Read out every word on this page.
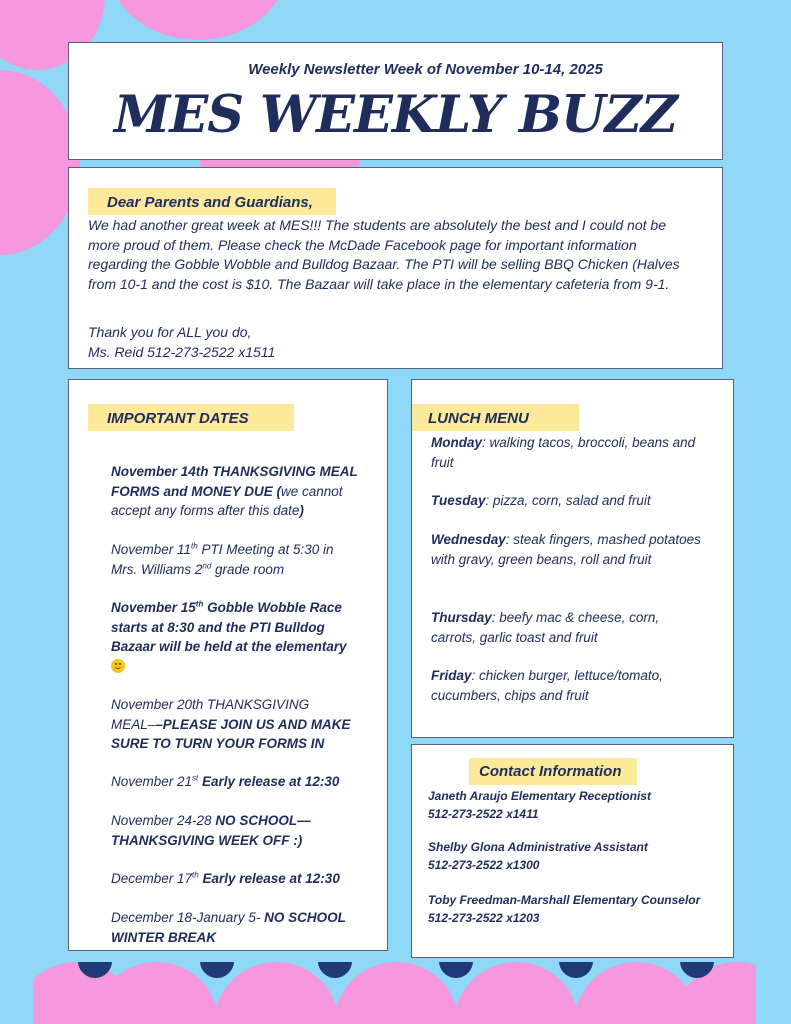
Weekly Newsletter Week of November 10-14, 2025
MES WEEKLY BUZZ
Dear Parents and Guardians,
We had another great week at MES!!! The students are absolutely the best and I could not be more proud of them. Please check the McDade Facebook page for important information regarding the Gobble Wobble and Bulldog Bazaar. The PTI will be selling BBQ Chicken (Halves from 10-1 and the cost is $10. The Bazaar will take place in the elementary cafeteria from 9-1.
Thank you for ALL you do,
Ms. Reid 512-273-2522 x1511
IMPORTANT DATES
November 14th THANKSGIVING MEAL FORMS and MONEY DUE (we cannot accept any forms after this date)
November 11th PTI Meeting at 5:30 in Mrs. Williams 2nd grade room
November 15th Gobble Wobble Race starts at 8:30 and the PTI Bulldog Bazaar will be held at the elementary

November 20th THANKSGIVING MEAL––PLEASE JOIN US AND MAKE SURE TO TURN YOUR FORMS IN
November 21st Early release at 12:30
November 24-28 NO SCHOOL—THANKSGIVING WEEK OFF :)
December 17th Early release at 12:30
December 18-January 5- NO SCHOOL WINTER BREAK
LUNCH MENU
Monday: walking tacos, broccoli, beans and fruit
Tuesday: pizza, corn, salad and fruit
Wednesday: steak fingers, mashed potatoes with gravy, green beans, roll and fruit
Thursday: beefy mac & cheese, corn, carrots, garlic toast and fruit
Friday: chicken burger, lettuce/tomato, cucumbers, chips and fruit
Contact Information
Janeth Araujo Elementary Receptionist
512-273-2522 x1411
Shelby Glona Administrative Assistant
512-273-2522 x1300
Toby Freedman-Marshall Elementary Counselor
512-273-2522 x1203
